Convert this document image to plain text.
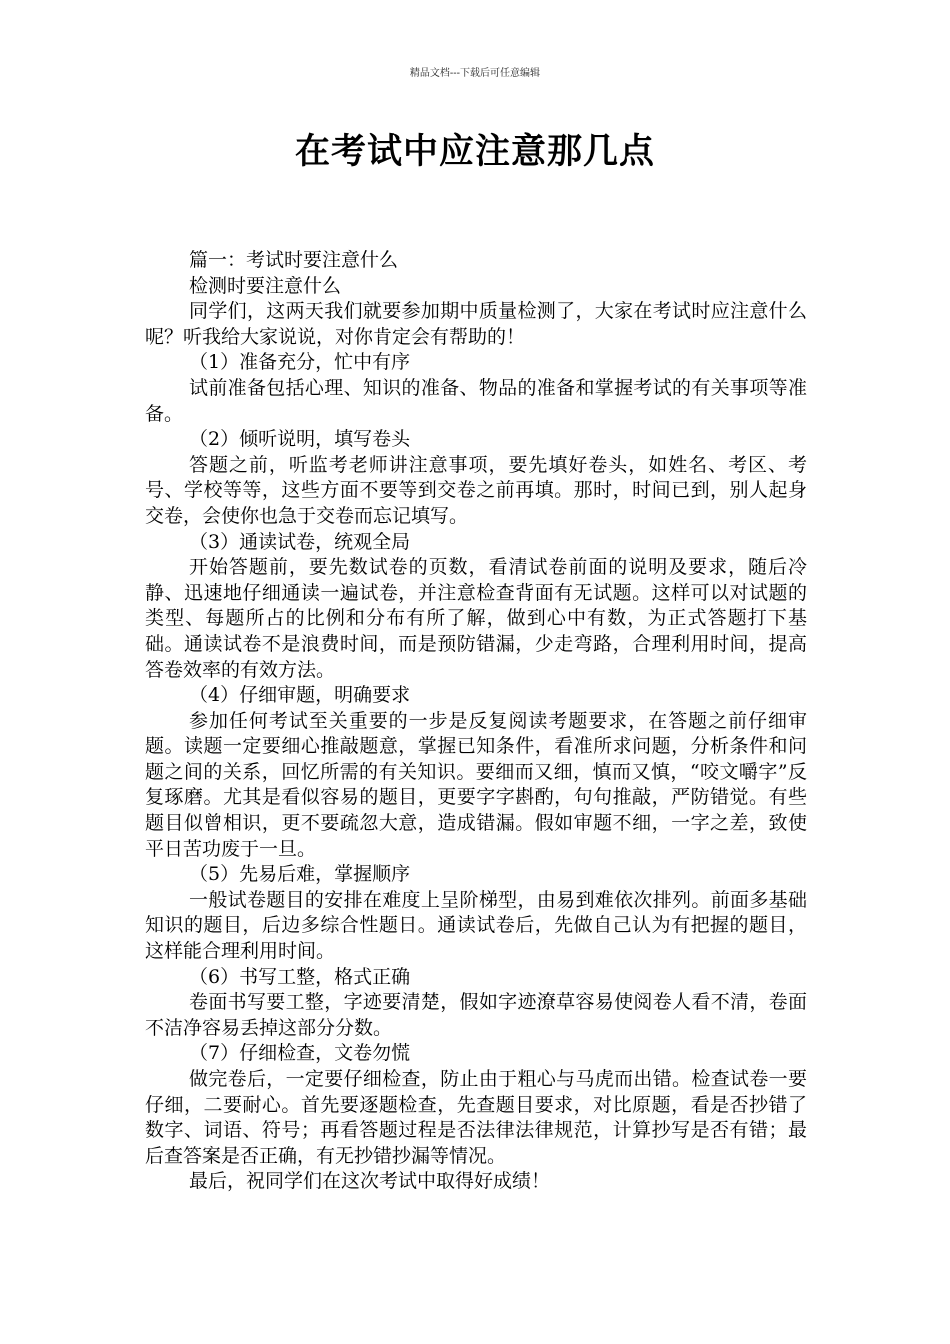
精品文档---下载后可任意编辑
在考试中应注意那几点

篇一：考试时要注意什么

检测时要注意什么

同学们，这两天我们就要参加期中质量检测了，大家在考试时应注意什么呢？听我给大家说说，对你肯定会有帮助的！

（1）准备充分，忙中有序

试前准备包括心理、知识的准备、物品的准备和掌握考试的有关事项等准备。

（2）倾听说明，填写卷头

答题之前，听监考老师讲注意事项，要先填好卷头，如姓名、考区、考号、学校等等，这些方面不要等到交卷之前再填。那时，时间已到，别人起身交卷，会使你也急于交卷而忘记填写。

（3）通读试卷，统观全局

开始答题前，要先数试卷的页数，看清试卷前面的说明及要求，随后冷静、迅速地仔细通读一遍试卷，并注意检查背面有无试题。这样可以对试题的类型、每题所占的比例和分布有所了解，做到心中有数，为正式答题打下基础。通读试卷不是浪费时间，而是预防错漏，少走弯路，合理利用时间，提高答卷效率的有效方法。

（4）仔细审题，明确要求

参加任何考试至关重要的一步是反复阅读考题要求，在答题之前仔细审题。读题一定要细心推敲题意，掌握已知条件，看准所求问题，分析条件和问题之间的关系，回忆所需的有关知识。要细而又细，慎而又慎，“咬文嚼字”反复琢磨。尤其是看似容易的题目，更要字字斟酌，句句推敲，严防错觉。有些题目似曾相识，更不要疏忽大意，造成错漏。假如审题不细，一字之差，致使平日苦功废于一旦。

（5）先易后难，掌握顺序

一般试卷题目的安排在难度上呈阶梯型，由易到难依次排列。前面多基础知识的题目，后边多综合性题日。通读试卷后，先做自己认为有把握的题目，这样能合理利用时间。

（6）书写工整，格式正确

卷面书写要工整，字迹要清楚，假如字迹潦草容易使阅卷人看不清，卷面不洁净容易丢掉这部分分数。

（7）仔细检查，文卷勿慌

做完卷后，一定要仔细检查，防止由于粗心与马虎而出错。检查试卷一要仔细，二要耐心。首先要逐题检查，先查题目要求，对比原题，看是否抄错了数字、词语、符号；再看答题过程是否法律法律规范，计算抄写是否有错；最后查答案是否正确，有无抄错抄漏等情况。

最后，祝同学们在这次考试中取得好成绩！
